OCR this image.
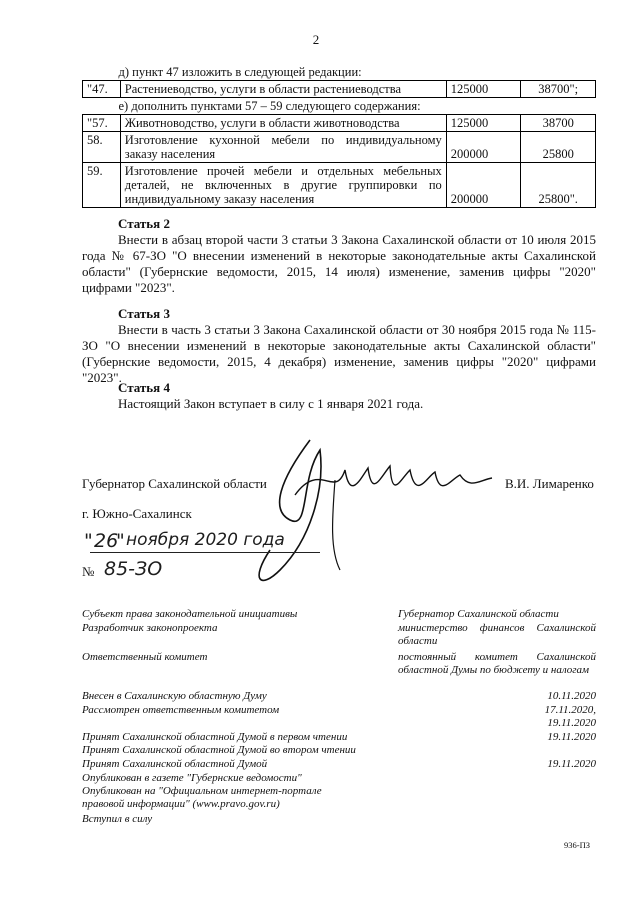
2
д) пункт 47 изложить в следующей редакции:			
"47.	Растениеводство, услуги в области растениеводства	125000	38700";
е) дополнить пунктами 57 – 59 следующего содержания:			
"57.	Животноводство, услуги в области животноводства	125000	38700
58.	Изготовление кухонной мебели по индивидуальному заказу населения	200000	25800
59.	Изготовление прочей мебели и отдельных мебельных деталей, не включенных в другие группировки по индивидуальному заказу населения	200000	25800".
Статья 2
Внести в абзац второй части 3 статьи 3 Закона Сахалинской области от 10 июля 2015 года № 67-ЗО "О внесении изменений в некоторые законодательные акты Сахалинской области" (Губернские ведомости, 2015, 14 июля) изменение, заменив цифры "2020" цифрами "2023".
Статья 3
Внести в часть 3 статьи 3 Закона Сахалинской области от 30 ноября 2015 года № 115-ЗО "О внесении изменений в некоторые законодательные акты Сахалинской области" (Губернские ведомости, 2015, 4 декабря) изменение, заменив цифры "2020" цифрами "2023".
Статья 4
Настоящий Закон вступает в силу с 1 января 2021 года.
Губернатор Сахалинской области	В.И. Лимаренко
г. Южно-Сахалинск
" 26
" ноября 2020 года
№ 85-ЗО
Субъект права законодательной инициативы	Губернатор Сахалинской области
Разработчик законопроекта	министерство финансов Сахалинской области
Ответственный комитет	постоянный комитет Сахалинской областной Думы по бюджету и налогам
Внесен в Сахалинскую областную Думу	10.11.2020
Рассмотрен ответственным комитетом	17.11.2020,
19.11.2020
Принят Сахалинской областной Думой в первом чтении	19.11.2020
Принят Сахалинской областной Думой во втором чтении
Принят Сахалинской областной Думой	19.11.2020
Опубликован в газете "Губернские ведомости"
Опубликован на "Официальном интернет-портале правовой информации" (www.pravo.gov.ru)
Вступил в силу
936-ПЗ
